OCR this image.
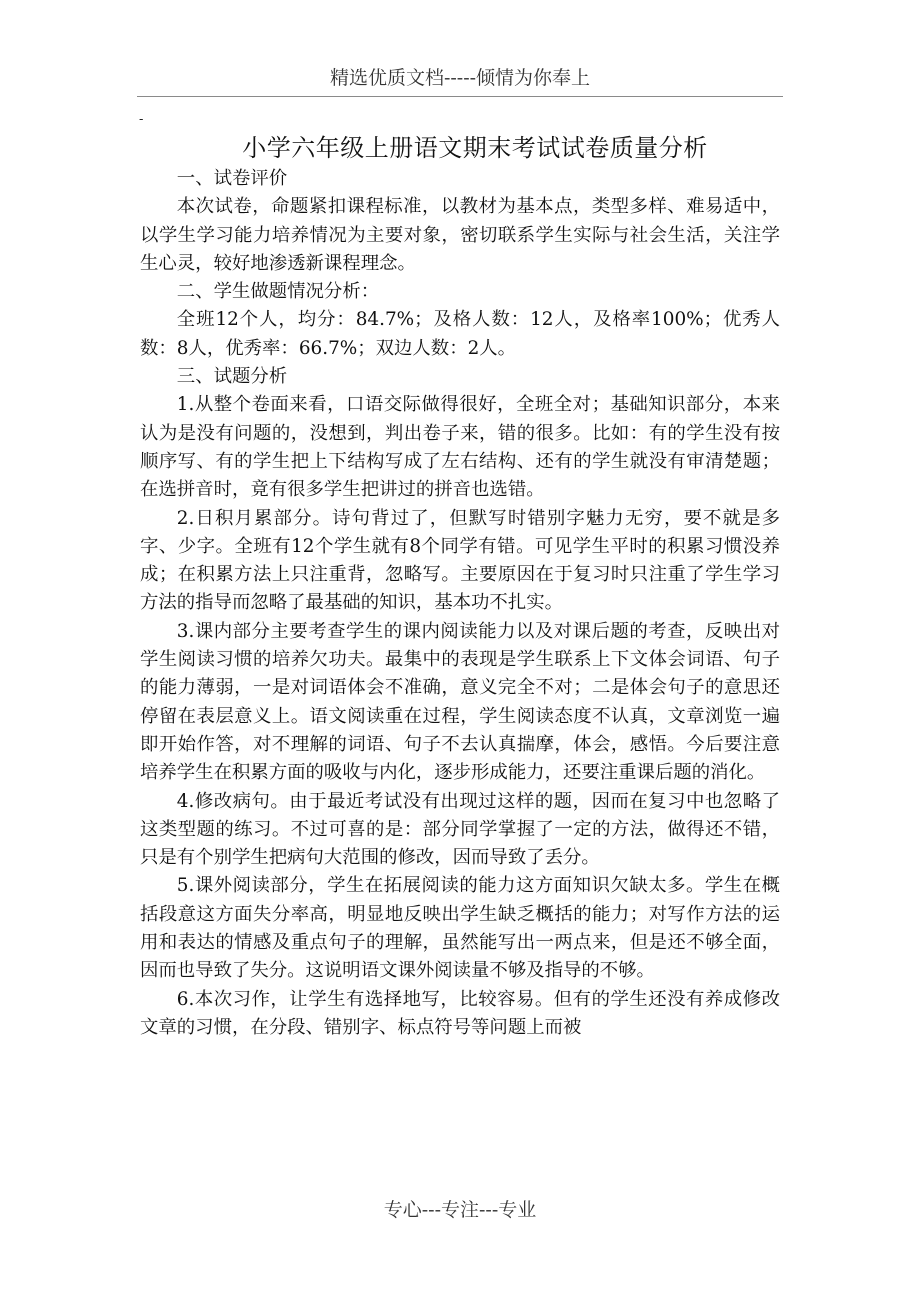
精选优质文档-----倾情为你奉上
-
小学六年级上册语文期末考试试卷质量分析

一、试卷评价

本次试卷，命题紧扣课程标准，以教材为基本点，类型多样、难易适中，以学生学习能力培养情况为主要对象，密切联系学生实际与社会生活，关注学生心灵，较好地渗透新课程理念。

二、学生做题情况分析：

全班12个人，均分：84.7%；及格人数：12人，及格率100%；优秀人数：8人，优秀率：66.7%；双边人数：2人。

三、试题分析

1.从整个卷面来看，口语交际做得很好，全班全对；基础知识部分，本来认为是没有问题的，没想到，判出卷子来，错的很多。比如：有的学生没有按顺序写、有的学生把上下结构写成了左右结构、还有的学生就没有审清楚题；在选拼音时，竟有很多学生把讲过的拼音也选错。

2.日积月累部分。诗句背过了，但默写时错别字魅力无穷，要不就是多字、少字。全班有12个学生就有8个同学有错。可见学生平时的积累习惯没养成；在积累方法上只注重背，忽略写。主要原因在于复习时只注重了学生学习方法的指导而忽略了最基础的知识，基本功不扎实。

3.课内部分主要考查学生的课内阅读能力以及对课后题的考查，反映出对学生阅读习惯的培养欠功夫。最集中的表现是学生联系上下文体会词语、句子的能力薄弱，一是对词语体会不准确，意义完全不对；二是体会句子的意思还停留在表层意义上。语文阅读重在过程，学生阅读态度不认真，文章浏览一遍即开始作答，对不理解的词语、句子不去认真揣摩，体会，感悟。今后要注意培养学生在积累方面的吸收与内化，逐步形成能力，还要注重课后题的消化。

4.修改病句。由于最近考试没有出现过这样的题，因而在复习中也忽略了这类型题的练习。不过可喜的是：部分同学掌握了一定的方法，做得还不错，只是有个别学生把病句大范围的修改，因而导致了丢分。

5.课外阅读部分，学生在拓展阅读的能力这方面知识欠缺太多。学生在概括段意这方面失分率高，明显地反映出学生缺乏概括的能力；对写作方法的运用和表达的情感及重点句子的理解，虽然能写出一两点来，但是还不够全面，因而也导致了失分。这说明语文课外阅读量不够及指导的不够。

6.本次习作，让学生有选择地写，比较容易。但有的学生还没有养成修改文章的习惯，在分段、错别字、标点符号等问题上而被

专心---专注---专业
